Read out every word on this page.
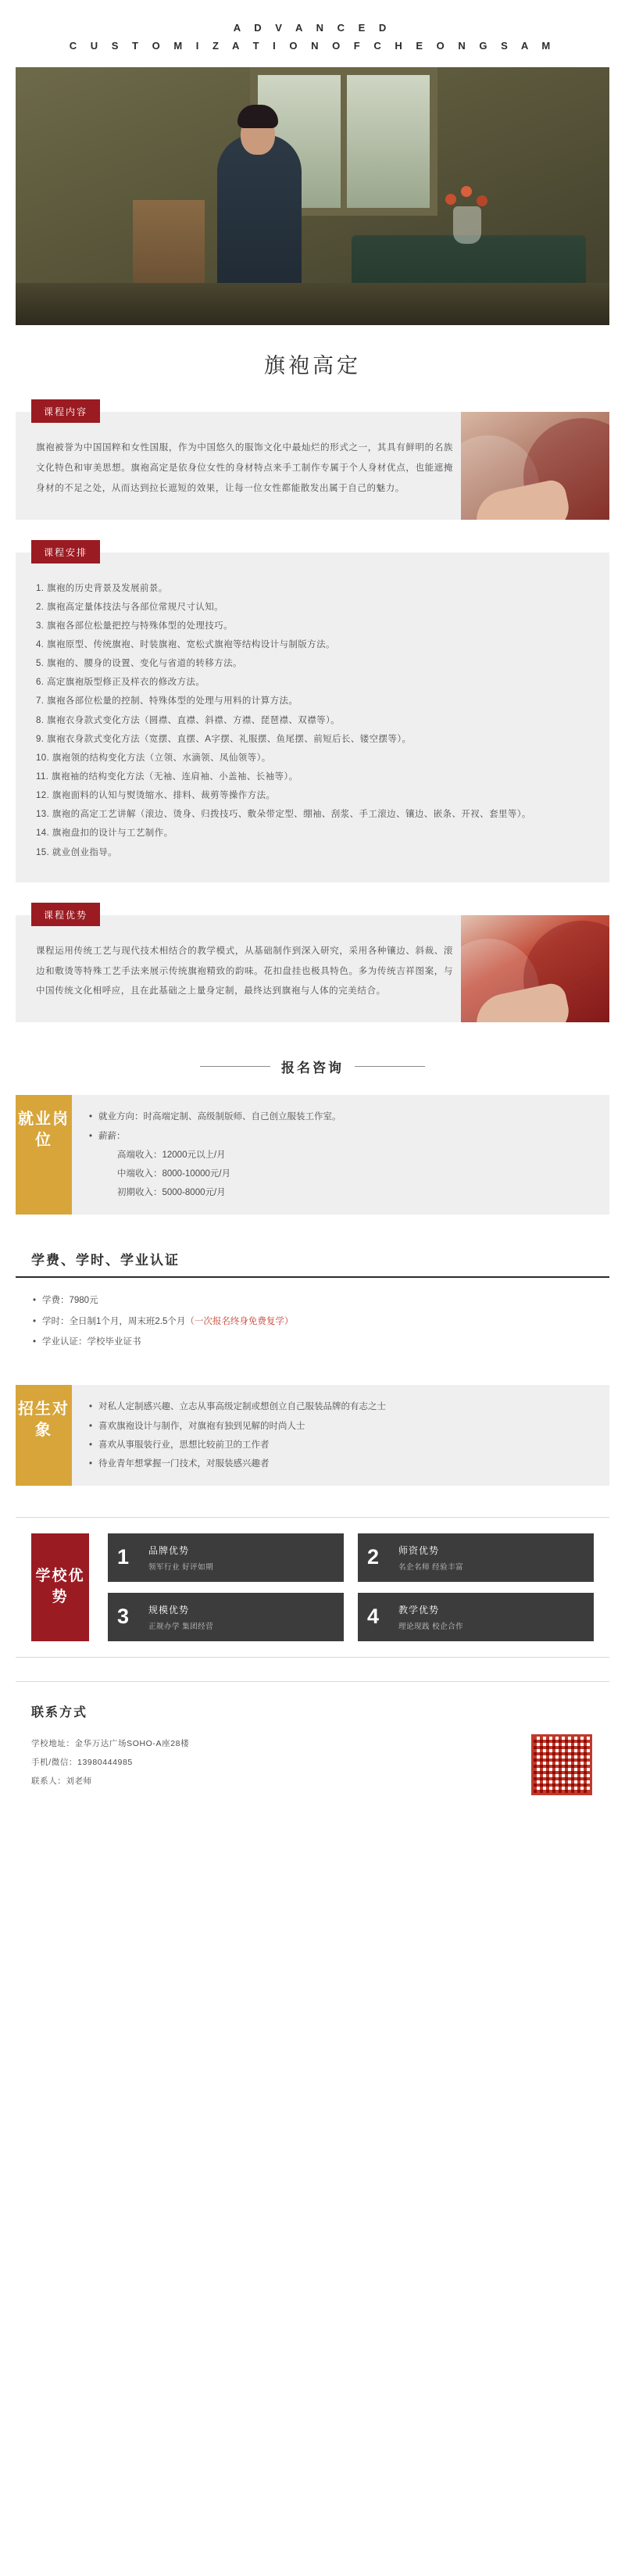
A D V A N C E D
C U S T O M I Z A T I O N O F C H E O N G S A M
旗袍高定
课程内容

旗袍被誉为中国国粹和女性国服，作为中国悠久的服饰文化中最灿烂的形式之一，其具有鲜明的名族文化特色和审美思想。旗袍高定是依身位女性的身材特点来手工制作专属于个人身材优点，也能遮掩身材的不足之处，从而达到拉长遮短的效果，让每一位女性都能散发出属于自己的魅力。

课程安排
1. 旗袍的历史背景及发展前景。
2. 旗袍高定量体技法与各部位常规尺寸认知。
3. 旗袍各部位松量把控与特殊体型的处理技巧。
4. 旗袍原型、传统旗袍、时装旗袍、宽松式旗袍等结构设计与制版方法。
5. 旗袍的、腰身的设置、变化与省道的转移方法。
6. 高定旗袍版型修正及样衣的修改方法。
7. 旗袍各部位松量的控制、特殊体型的处理与用料的计算方法。
8. 旗袍衣身款式变化方法（圆襟、直襟、斜襟、方襟、琵琶襟、双襟等）。
9. 旗袍衣身款式变化方法（宽摆、直摆、A字摆、礼服摆、鱼尾摆、前短后长、镂空摆等）。
10. 旗袍领的结构变化方法（立领、水滴领、凤仙领等）。
11. 旗袍袖的结构变化方法（无袖、连肩袖、小盖袖、长袖等）。
12. 旗袍面料的认知与熨烫缩水、排料、裁剪等操作方法。
13. 旗袍的高定工艺讲解（滚边、烫身、归拨技巧、敷朵带定型、绷袖、刮浆、手工滚边、镶边、嵌条、开衩、套里等）。
14. 旗袍盘扣的设计与工艺制作。
15. 就业创业指导。
课程优势

课程运用传统工艺与现代技术相结合的教学模式，从基础制作到深入研究，采用各种镶边、斜裁、滚边和敷烫等特殊工艺手法来展示传统旗袍精致的韵味。花扣盘挂也极具特色。多为传统吉祥图案，与中国传统文化相呼应，且在此基础之上量身定制，最终达到旗袍与人体的完美结合。

报名咨询
就业岗位
• 就业方向：时高端定制、高级制版师、自己创立服装工作室。
• 薪薪：
高端收入：12000元以上/月
中端收入：8000-10000元/月
初期收入：5000-8000元/月
学费、学时、学业认证
• 学费：7980元
• 学时：全日制1个月，周末班2.5个月（一次报名终身免费复学）
• 学业认证：学校毕业证书
招生对象
• 对私人定制感兴趣、立志从事高级定制或想创立自己服装品牌的有志之士
• 喜欢旗袍设计与制作，对旗袍有独到见解的时尚人士
• 喜欢从事服装行业，思想比较前卫的工作者
• 待业青年想掌握一门技术，对服装感兴趣者
学校优势
1	品牌优势
领军行业 好评如期	2	师资优势
名企名师 经验丰富
3	规模优势
正规办学 集团经营	4	教学优势
理论现践 校企合作
联系方式

学校地址：金华万达广场SOHO-A座28楼

手机/微信：13980444985

联系人：刘老师
